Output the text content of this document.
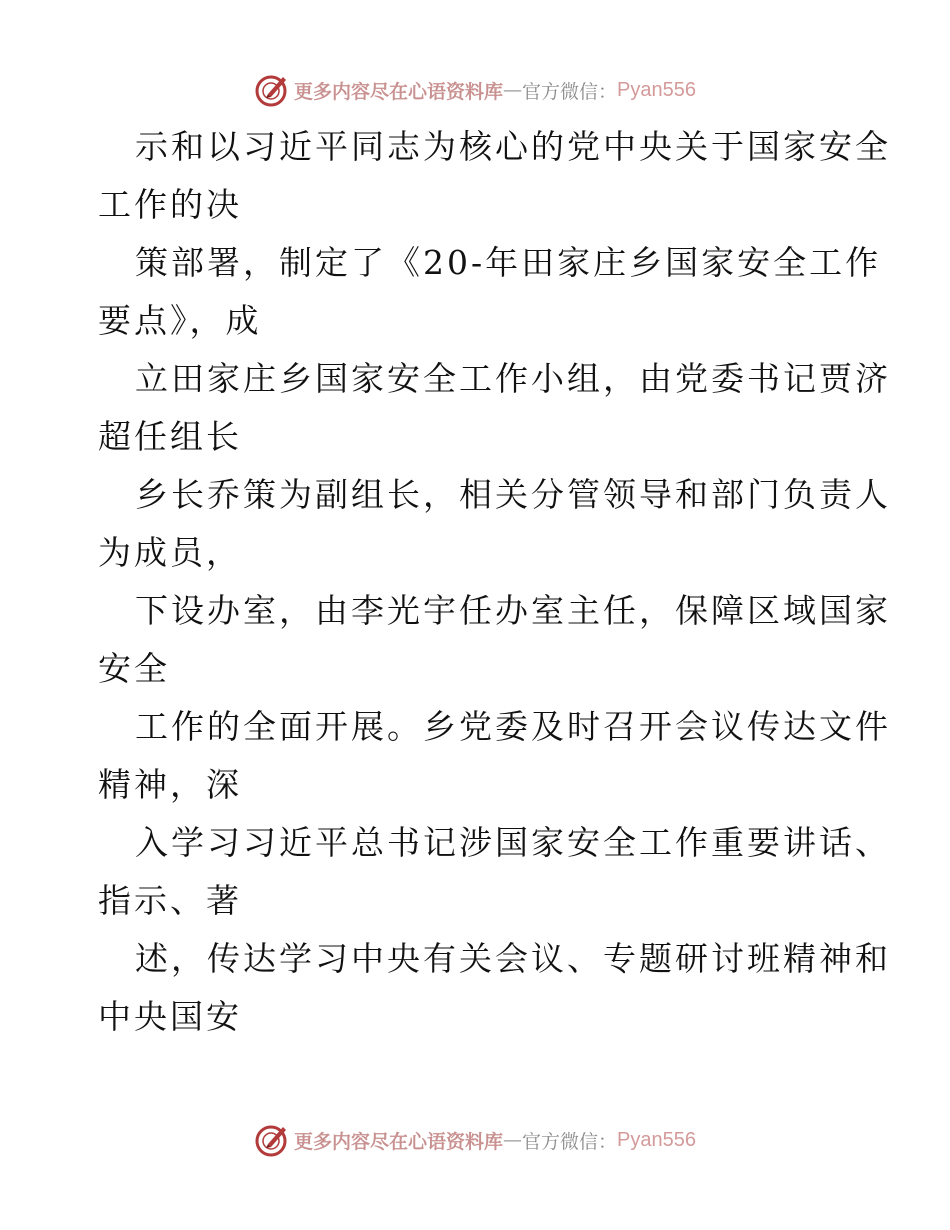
更多内容尽在心语资料库 — 官方微信： Pyan556
示和以习近平同志为核心的党中央关于国家安全
工作的决
策部署，制定了《20-年田家庄乡国家安全工作
要点》，成
立田家庄乡国家安全工作小组，由党委书记贾济
超任组长
乡长乔策为副组长，相关分管领导和部门负责人
为成员，
下设办室，由李光宇任办室主任，保障区域国家
安全
工作的全面开展。乡党委及时召开会议传达文件
精神，深
入学习习近平总书记涉国家安全工作重要讲话、
指示、著
述，传达学习中央有关会议、专题研讨班精神和
中央国安
更多内容尽在心语资料库 — 官方微信： Pyan556
